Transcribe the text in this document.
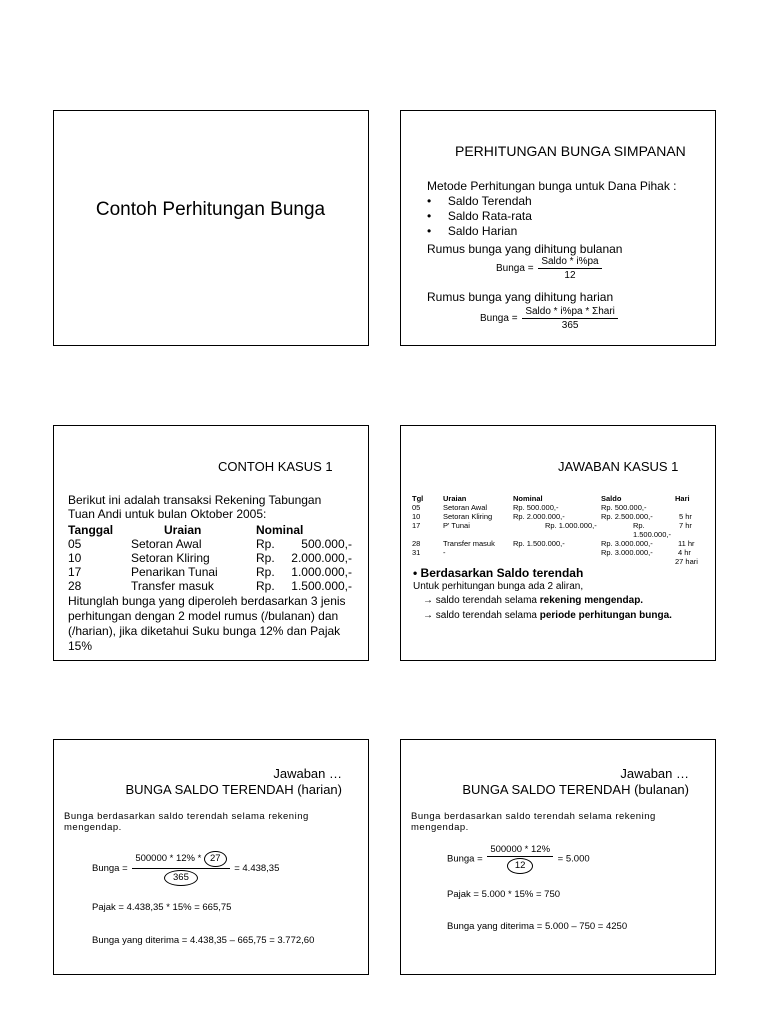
Contoh Perhitungan Bunga
PERHITUNGAN BUNGA SIMPANAN
Metode Perhitungan bunga untuk Dana Pihak :
•     Saldo Terendah
•     Saldo Rata-rata
•     Saldo Harian
Rumus bunga yang dihitung bulanan
Bunga = $\frac{\text{Saldo * i\%pa}}{12}$
Rumus bunga yang dihitung harian
Bunga = $\frac{\text{Saldo * i\%pa * Σhari}}{365}$
CONTOH KASUS 1
Berikut ini adalah transaksi Rekening Tabungan Tuan Andi untuk bulan Oktober 2005:
Tanggal	Uraian	Nominal	
05	Setoran Awal	Rp.	500.000,-
10	Setoran Kliring	Rp.	2.000.000,-
17	Penarikan Tunai	Rp.	1.000.000,-
28	Transfer masuk	Rp.	1.500.000,-
Hitunglah bunga yang diperoleh berdasarkan 3 jenis perhitungan dengan 2 model rumus (/bulanan) dan (/harian), jika diketahui Suku bunga 12% dan Pajak 15%
JAWABAN KASUS 1
Tgl	Uraian	Nominal	Saldo	Hari
05	Setoran Awal	Rp. 500.000,-	Rp. 500.000,-	
10	Setoran Kliring	Rp. 2.000.000,-	Rp. 2.500.000,-	5 hr
17	P' Tunai	Rp. 1.000.000,-	Rp. 1.500.000,-	7 hr
28	Transfer masuk	Rp. 1.500.000,-	Rp. 3.000.000,-	11 hr
31	-		Rp. 3.000.000,-	4 hr
				27 hari
• Berdasarkan Saldo terendah
Untuk perhitungan bunga ada 2 aliran,
→ saldo terendah selama rekening mengendap.
→ saldo terendah selama periode perhitungan bunga.
Jawaban …
BUNGA SALDO TERENDAH (harian)
Bunga berdasarkan saldo terendah selama rekening mengendap.
Bunga = $\frac{500000 * 12\% * 27}{365} = 4.438,35$
Pajak = 4.438,35 * 15% = 665,75
Bunga yang diterima = 4.438,35 – 665,75 = 3.772,60
Jawaban …
BUNGA SALDO TERENDAH (bulanan)
Bunga berdasarkan saldo terendah selama rekening mengendap.
Bunga = $\frac{500000 * 12\%}{12} = 5.000$
Pajak = 5.000 * 15% = 750
Bunga yang diterima = 5.000 – 750 = 4250
